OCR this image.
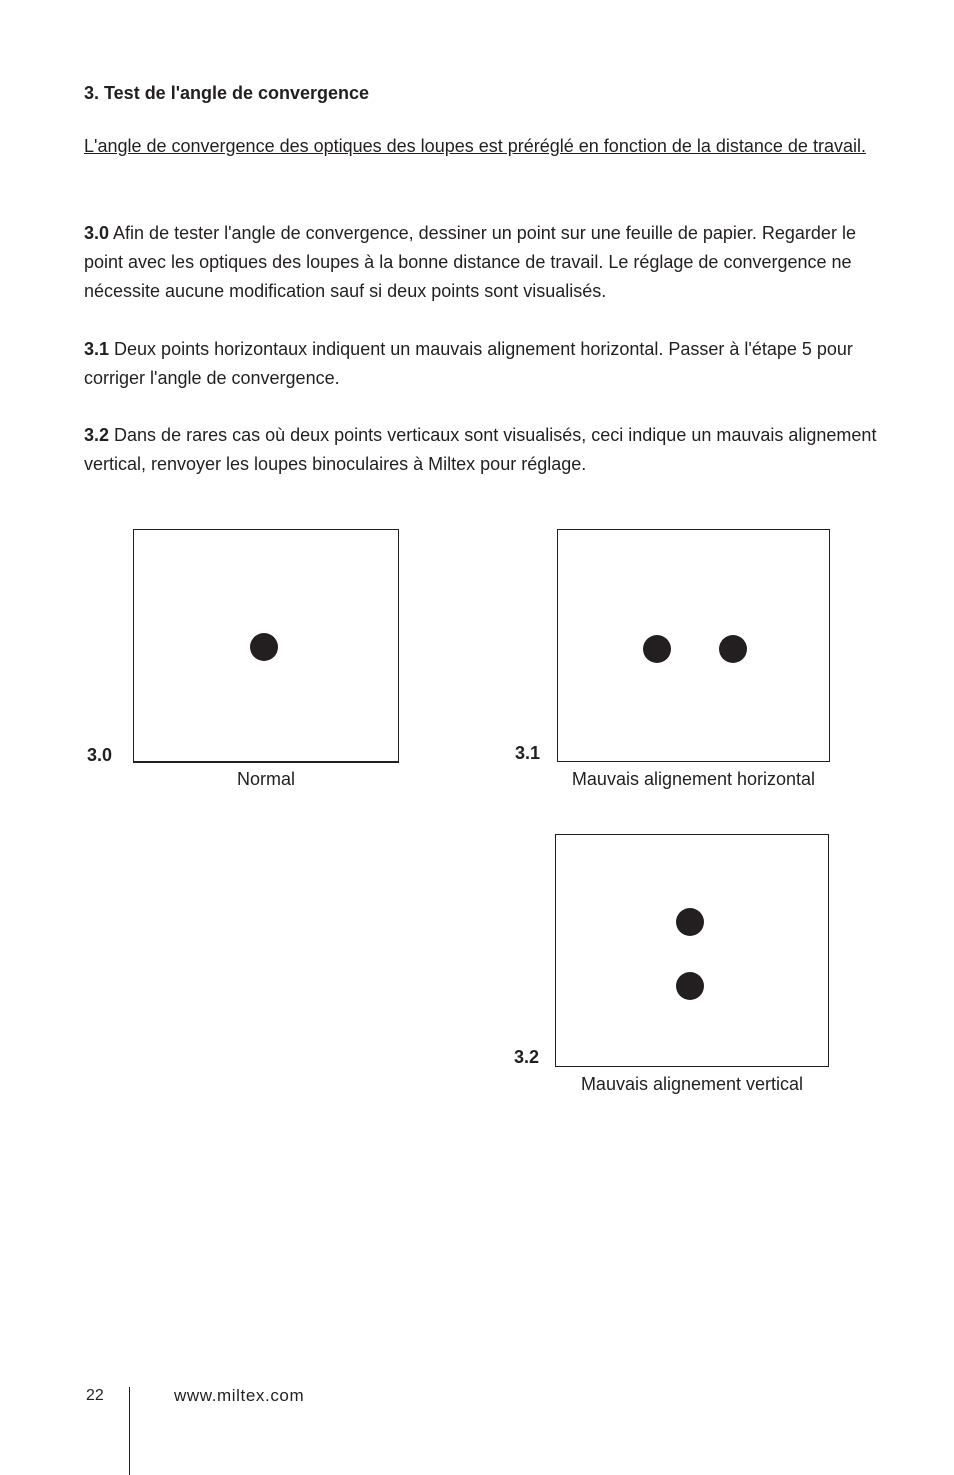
3. Test de l'angle de convergence

L'angle de convergence des optiques des loupes est préréglé en fonction de la distance de travail.

3.0 Afin de tester l'angle de convergence, dessiner un point sur une feuille de papier. Regarder le point avec les optiques des loupes à la bonne distance de travail. Le réglage de convergence ne nécessite aucune modification sauf si deux points sont visualisés.

3.1 Deux points horizontaux indiquent un mauvais alignement horizontal. Passer à l'étape 5 pour corriger l'angle de convergence.

3.2 Dans de rares cas où deux points verticaux sont visualisés, ceci indique un mauvais alignement vertical, renvoyer les loupes binoculaires à Miltex pour réglage.

3.0
Normal
3.1
Mauvais alignement horizontal
3.2
Mauvais alignement vertical
22	www.miltex.com
